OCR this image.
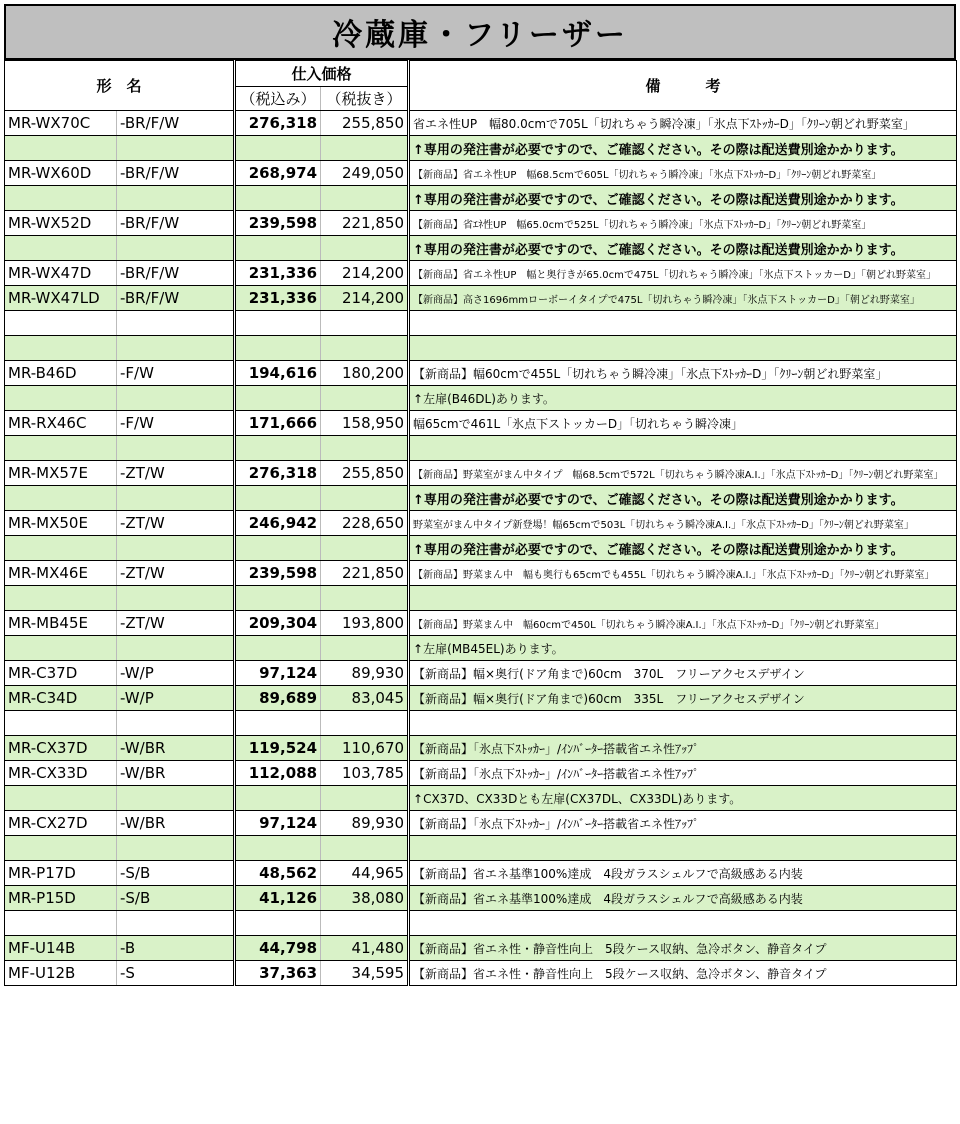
冷蔵庫・フリーザー
形　名		仕入価格		備　　　考
		（税込み）	（税抜き）	
MR-WX70C	-BR/F/W	276,318	255,850	省エネ性UP　幅80.0cmで705L「切れちゃう瞬冷凍」「氷点下ｽﾄｯｶｰD」「ｸﾘｰﾝ朝どれ野菜室」
				↑専用の発注書が必要ですので、ご確認ください。その際は配送費別途かかります。
MR-WX60D	-BR/F/W	268,974	249,050	【新商品】省エネ性UP　幅68.5cmで605L「切れちゃう瞬冷凍」「氷点下ｽﾄｯｶｰD」「ｸﾘｰﾝ朝どれ野菜室」
				↑専用の発注書が必要ですので、ご確認ください。その際は配送費別途かかります。
MR-WX52D	-BR/F/W	239,598	221,850	【新商品】省ｴﾈ性UP　幅65.0cmで525L「切れちゃう瞬冷凍」「氷点下ｽﾄｯｶｰD」「ｸﾘｰﾝ朝どれ野菜室」
				↑専用の発注書が必要ですので、ご確認ください。その際は配送費別途かかります。
MR-WX47D	-BR/F/W	231,336	214,200	【新商品】省エネ性UP　幅と奥行きが65.0cmで475L「切れちゃう瞬冷凍」「氷点下ストッカーD」「朝どれ野菜室」
MR-WX47LD	-BR/F/W	231,336	214,200	【新商品】高さ1696mmローボーイタイプで475L「切れちゃう瞬冷凍」「氷点下ストッカーD」「朝どれ野菜室」

MR-B46D	-F/W	194,616	180,200	【新商品】幅60cmで455L「切れちゃう瞬冷凍」「氷点下ｽﾄｯｶｰD」「ｸﾘｰﾝ朝どれ野菜室」
				↑左扉(B46DL)あります。
MR-RX46C	-F/W	171,666	158,950	幅65cmで461L「氷点下ストッカーD」「切れちゃう瞬冷凍」

MR-MX57E	-ZT/W	276,318	255,850	【新商品】野菜室がまん中タイプ　幅68.5cmで572L「切れちゃう瞬冷凍A.I.」「氷点下ｽﾄｯｶｰD」「ｸﾘｰﾝ朝どれ野菜室」
				↑専用の発注書が必要ですので、ご確認ください。その際は配送費別途かかります。
MR-MX50E	-ZT/W	246,942	228,650	野菜室がまん中タイプ新登場！幅65cmで503L「切れちゃう瞬冷凍A.I.」「氷点下ｽﾄｯｶｰD」「ｸﾘｰﾝ朝どれ野菜室」
				↑専用の発注書が必要ですので、ご確認ください。その際は配送費別途かかります。
MR-MX46E	-ZT/W	239,598	221,850	【新商品】野菜まん中　幅も奥行も65cmでも455L「切れちゃう瞬冷凍A.I.」「氷点下ｽﾄｯｶｰD」「ｸﾘｰﾝ朝どれ野菜室」

MR-MB45E	-ZT/W	209,304	193,800	【新商品】野菜まん中　幅60cmで450L「切れちゃう瞬冷凍A.I.」「氷点下ｽﾄｯｶｰD」「ｸﾘｰﾝ朝どれ野菜室」
				↑左扉(MB45EL)あります。
MR-C37D	-W/P	97,124	89,930	【新商品】幅×奥行(ドア角まで)60cm　370L　フリーアクセスデザイン
MR-C34D	-W/P	89,689	83,045	【新商品】幅×奥行(ドア角まで)60cm　335L　フリーアクセスデザイン

MR-CX37D	-W/BR	119,524	110,670	【新商品】「氷点下ｽﾄｯｶｰ」/ｲﾝﾊﾞｰﾀｰ搭載省エネ性ｱｯﾌﾟ
MR-CX33D	-W/BR	112,088	103,785	【新商品】「氷点下ｽﾄｯｶｰ」/ｲﾝﾊﾞｰﾀｰ搭載省エネ性ｱｯﾌﾟ
				↑CX37D、CX33Dとも左扉(CX37DL、CX33DL)あります。
MR-CX27D	-W/BR	97,124	89,930	【新商品】「氷点下ｽﾄｯｶｰ」/ｲﾝﾊﾞｰﾀｰ搭載省エネ性ｱｯﾌﾟ

MR-P17D	-S/B	48,562	44,965	【新商品】省エネ基準100%達成　4段ガラスシェルフで高級感ある内装
MR-P15D	-S/B	41,126	38,080	【新商品】省エネ基準100%達成　4段ガラスシェルフで高級感ある内装

MF-U14B	-B	44,798	41,480	【新商品】省エネ性・静音性向上　5段ケース収納、急冷ボタン、静音タイプ
MF-U12B	-S	37,363	34,595	【新商品】省エネ性・静音性向上　5段ケース収納、急冷ボタン、静音タイプ
